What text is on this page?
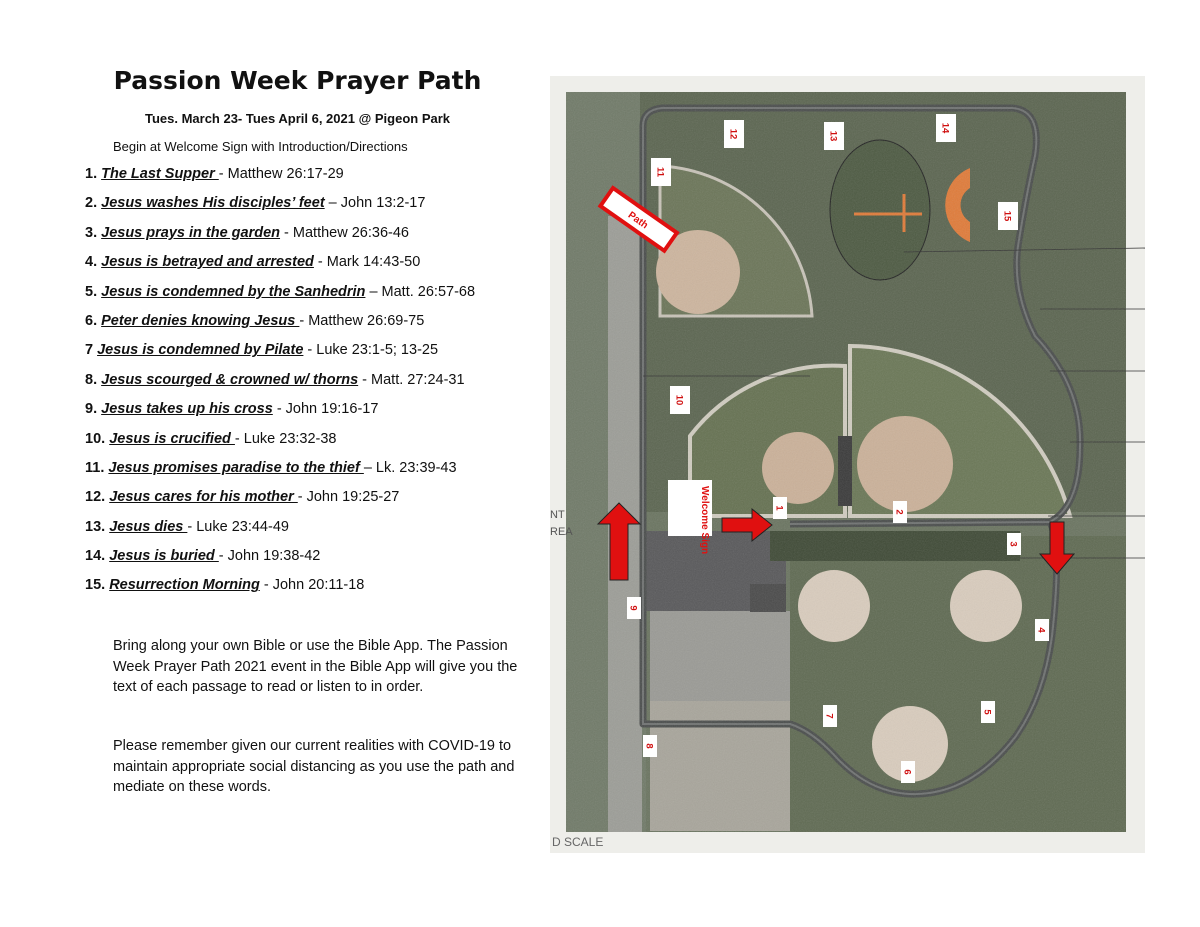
Passion Week Prayer Path
Tues. March 23- Tues April 6, 2021 @ Pigeon Park
Begin at Welcome Sign with Introduction/Directions
1. The Last Supper - Matthew 26:17-29
2. Jesus washes His disciples’ feet – John 13:2-17
3. Jesus prays in the garden - Matthew 26:36-46
4. Jesus is betrayed and arrested - Mark 14:43-50
5. Jesus is condemned by the Sanhedrin – Matt. 26:57-68
6. Peter denies knowing Jesus - Matthew 26:69-75
7 Jesus is condemned by Pilate - Luke 23:1-5; 13-25
8. Jesus scourged & crowned w/ thorns - Matt. 27:24-31
9. Jesus takes up his cross - John 19:16-17
10. Jesus is crucified - Luke 23:32-38
11. Jesus promises paradise to the thief – Lk. 23:39-43
12. Jesus cares for his mother - John 19:25-27
13. Jesus dies - Luke 23:44-49
14. Jesus is buried - John 19:38-42
15. Resurrection Morning - John 20:11-18
Bring along your own Bible or use the Bible App. The Passion Week Prayer Path 2021 event in the Bible App will give you the text of each passage to read or listen to in order.
Please remember given our current realities with COVID-19 to maintain appropriate social distancing as you use the path and mediate on these words.
1
2
3
4
5
6
7
8
9
10
11
12	13
14
15
Path
Welcome Sign
NT
REA
D SCALE
